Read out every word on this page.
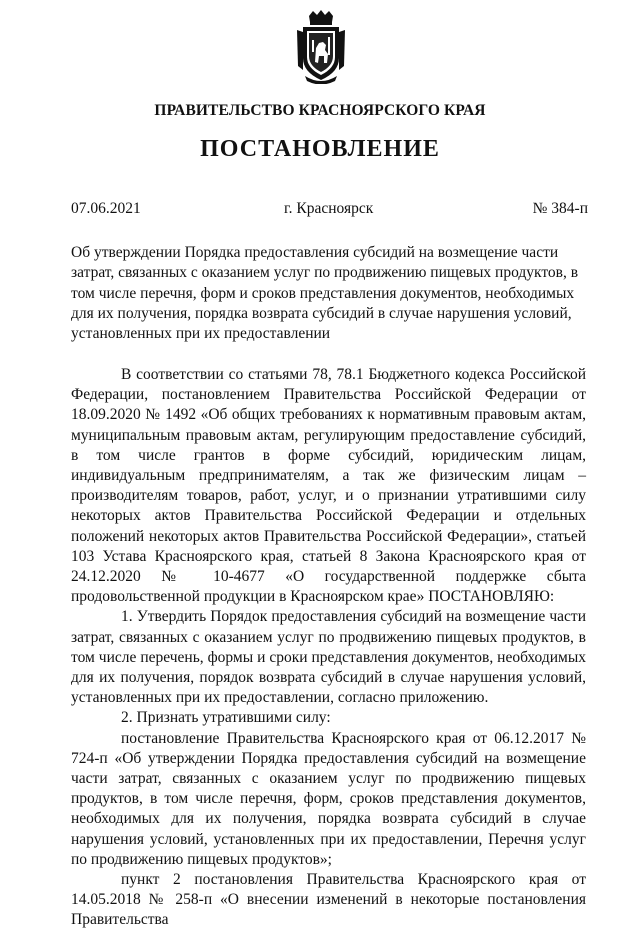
ПРАВИТЕЛЬСТВО КРАСНОЯРСКОГО КРАЯ
ПОСТАНОВЛЕНИЕ
07.06.2021	г. Красноярск	№ 384-п
Об утверждении Порядка предоставления субсидий на возмещение части затрат, связанных с оказанием услуг по продвижению пищевых продуктов, в том числе перечня, форм и сроков представления документов, необходимых для их получения, порядка возврата субсидий в случае нарушения условий, установленных при их предоставлении

В соответствии со статьями 78, 78.1 Бюджетного кодекса Российской Федерации, постановлением Правительства Российской Федерации от 18.09.2020 № 1492 «Об общих требованиях к нормативным правовым актам, муниципальным правовым актам, регулирующим предоставление субсидий, в том числе грантов в форме субсидий, юридическим лицам, индивидуальным предпринимателям, а так же физическим лицам – производителям товаров, работ, услуг, и о признании утратившими силу некоторых актов Правительства Российской Федерации и отдельных положений некоторых актов Правительства Российской Федерации», статьей 103 Устава Красноярского края, статьей 8 Закона Красноярского края от 24.12.2020 № 10-4677 «О государственной поддержке сбыта продовольственной продукции в Красноярском крае» ПОСТАНОВЛЯЮ:

1. Утвердить Порядок предоставления субсидий на возмещение части затрат, связанных с оказанием услуг по продвижению пищевых продуктов, в том числе перечень, формы и сроки представления документов, необходимых для их получения, порядок возврата субсидий в случае нарушения условий, установленных при их предоставлении, согласно приложению.

2. Признать утратившими силу:

постановление Правительства Красноярского края от 06.12.2017 № 724-п «Об утверждении Порядка предоставления субсидий на возмещение части затрат, связанных с оказанием услуг по продвижению пищевых продуктов, в том числе перечня, форм, сроков представления документов, необходимых для их получения, порядка возврата субсидий в случае нарушения условий, установленных при их предоставлении, Перечня услуг по продвижению пищевых продуктов»;

пункт 2 постановления Правительства Красноярского края от 14.05.2018 № 258-п «О внесении изменений в некоторые постановления Правительства
